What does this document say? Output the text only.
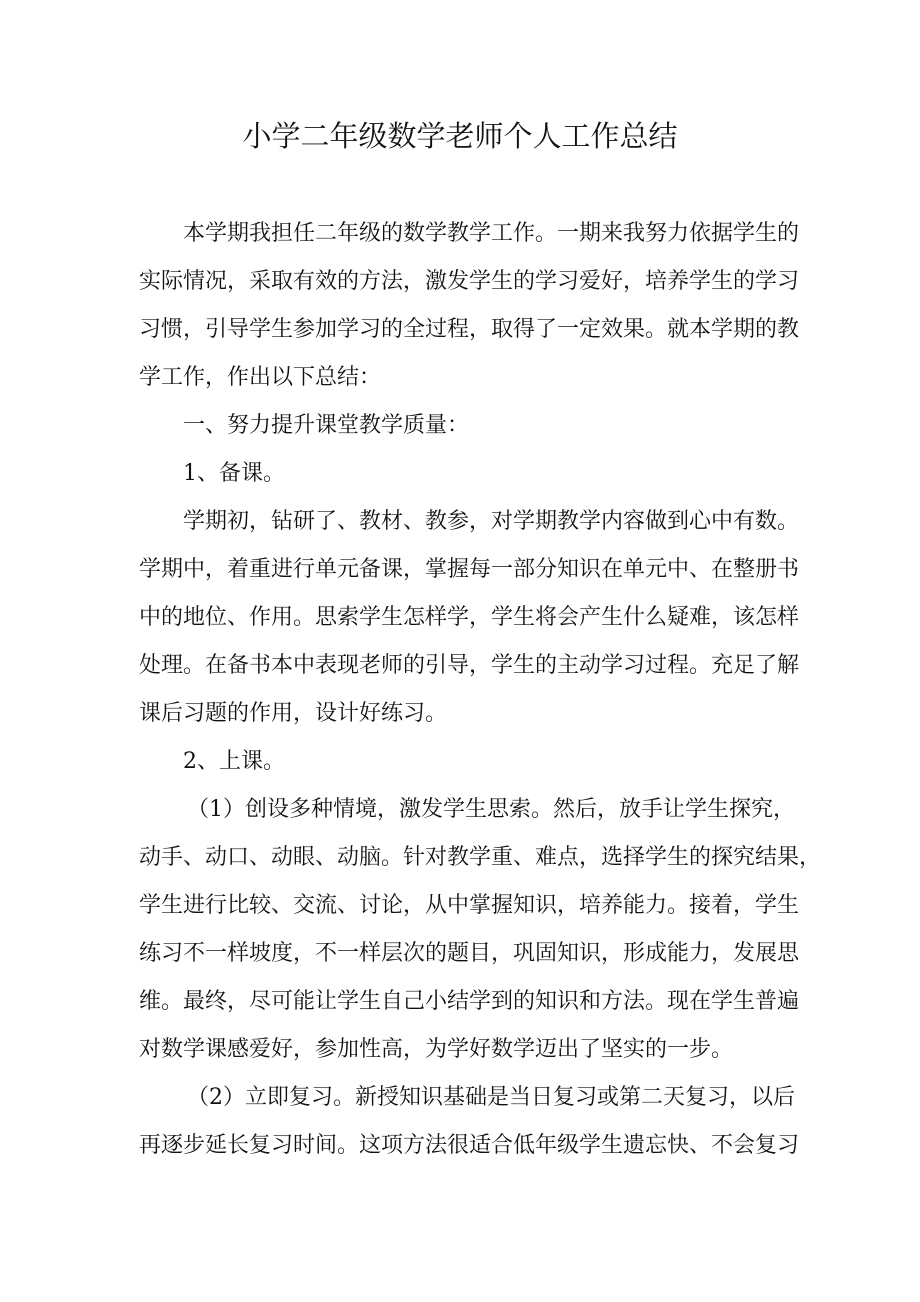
小学二年级数学老师个人工作总结
本学期我担任二年级的数学教学工作。一期来我努力依据学生的
实际情况，采取有效的方法，激发学生的学习爱好，培养学生的学习
习惯，引导学生参加学习的全过程，取得了一定效果。就本学期的教
学工作，作出以下总结：
一、努力提升课堂教学质量：
1、备课。
学期初，钻研了、教材、教参，对学期教学内容做到心中有数。
学期中，着重进行单元备课，掌握每一部分知识在单元中、在整册书
中的地位、作用。思索学生怎样学，学生将会产生什么疑难，该怎样
处理。在备书本中表现老师的引导，学生的主动学习过程。充足了解
课后习题的作用，设计好练习。
2、上课。
（1）创设多种情境，激发学生思索。然后，放手让学生探究，
动手、动口、动眼、动脑。针对教学重、难点，选择学生的探究结果，
学生进行比较、交流、讨论，从中掌握知识，培养能力。接着，学生
练习不一样坡度，不一样层次的题目，巩固知识，形成能力，发展思
维。最终，尽可能让学生自己小结学到的知识和方法。现在学生普遍
对数学课感爱好，参加性高，为学好数学迈出了坚实的一步。
（2）立即复习。新授知识基础是当日复习或第二天复习，以后
再逐步延长复习时间。这项方法很适合低年级学生遗忘快、不会复习
